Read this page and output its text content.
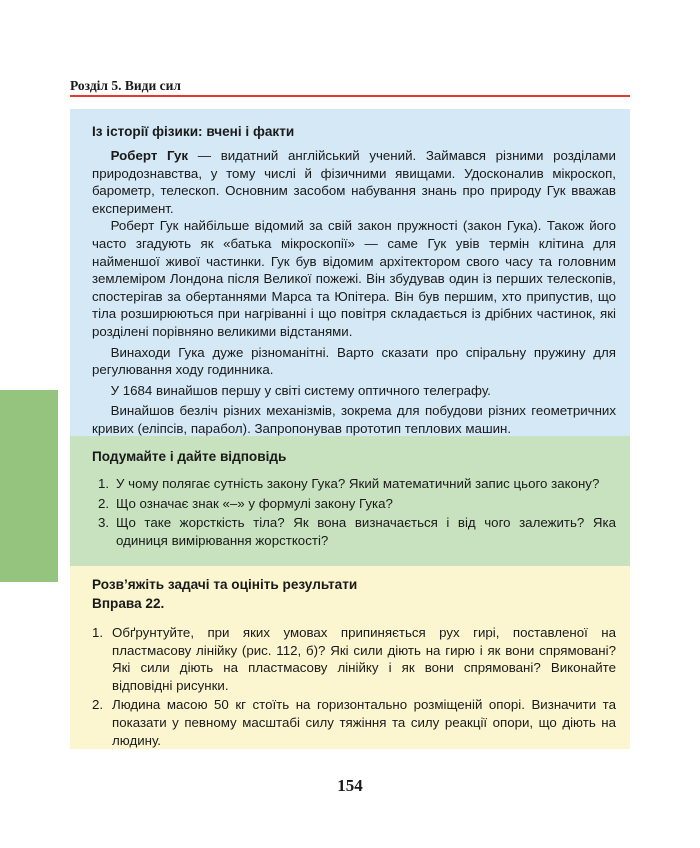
Розділ 5. Види сил
Із історії фізики: вчені і факти

Роберт Гук — видатний англійський учений. Займався різними розділами природознавства, у тому числі й фізичними явищами. Удосконалив мікроскоп, барометр, телескоп. Основним засобом набування знань про природу Гук вважав експеримент.

Роберт Гук найбільше відомий за свій закон пружності (закон Гука). Також його часто згадують як «батька мікроскопії» — саме Гук увів термін клітина для найменшої живої частинки. Гук був відомим архітектором свого часу та головним землеміром Лондона після Великої пожежі. Він збудував один із перших телескопів, спостерігав за обертаннями Марса та Юпітера. Він був першим, хто припустив, що тіла розширюються при нагріванні і що повітря складається із дрібних частинок, які розділені порівняно великими відстанями.

Винаходи Гука дуже різноманітні. Варто сказати про спіральну пружину для регулювання ходу годинника.

У 1684 винайшов першу у світі систему оптичного телеграфу.

Винайшов безліч різних механізмів, зокрема для побудови різних геометричних кривих (еліпсів, парабол). Запропонував прототип теплових машин.

Подумайте і дайте відповідь
1. У чому полягає сутність закону Гука? Який математичний запис цього закону?
2. Що означає знак «–» у формулі закону Гука?
3. Що таке жорсткість тіла? Як вона визначається і від чого залежить? Яка одиниця вимірювання жорсткості?
Розв’яжіть задачі та оцініть результати
Вправа 22.
1. Обґрунтуйте, при яких умовах припиняється рух гирі, поставленої на пластмасову лінійку (рис. 112, б)? Які сили діють на гирю і як вони спрямовані? Які сили діють на пластмасову лінійку і як вони спрямовані? Виконайте відповідні рисунки.
2. Людина масою 50 кг стоїть на горизонтально розміщеній опорі. Визначити та показати у певному масштабі силу тяжіння та силу реакції опори, що діють на людину.
154
